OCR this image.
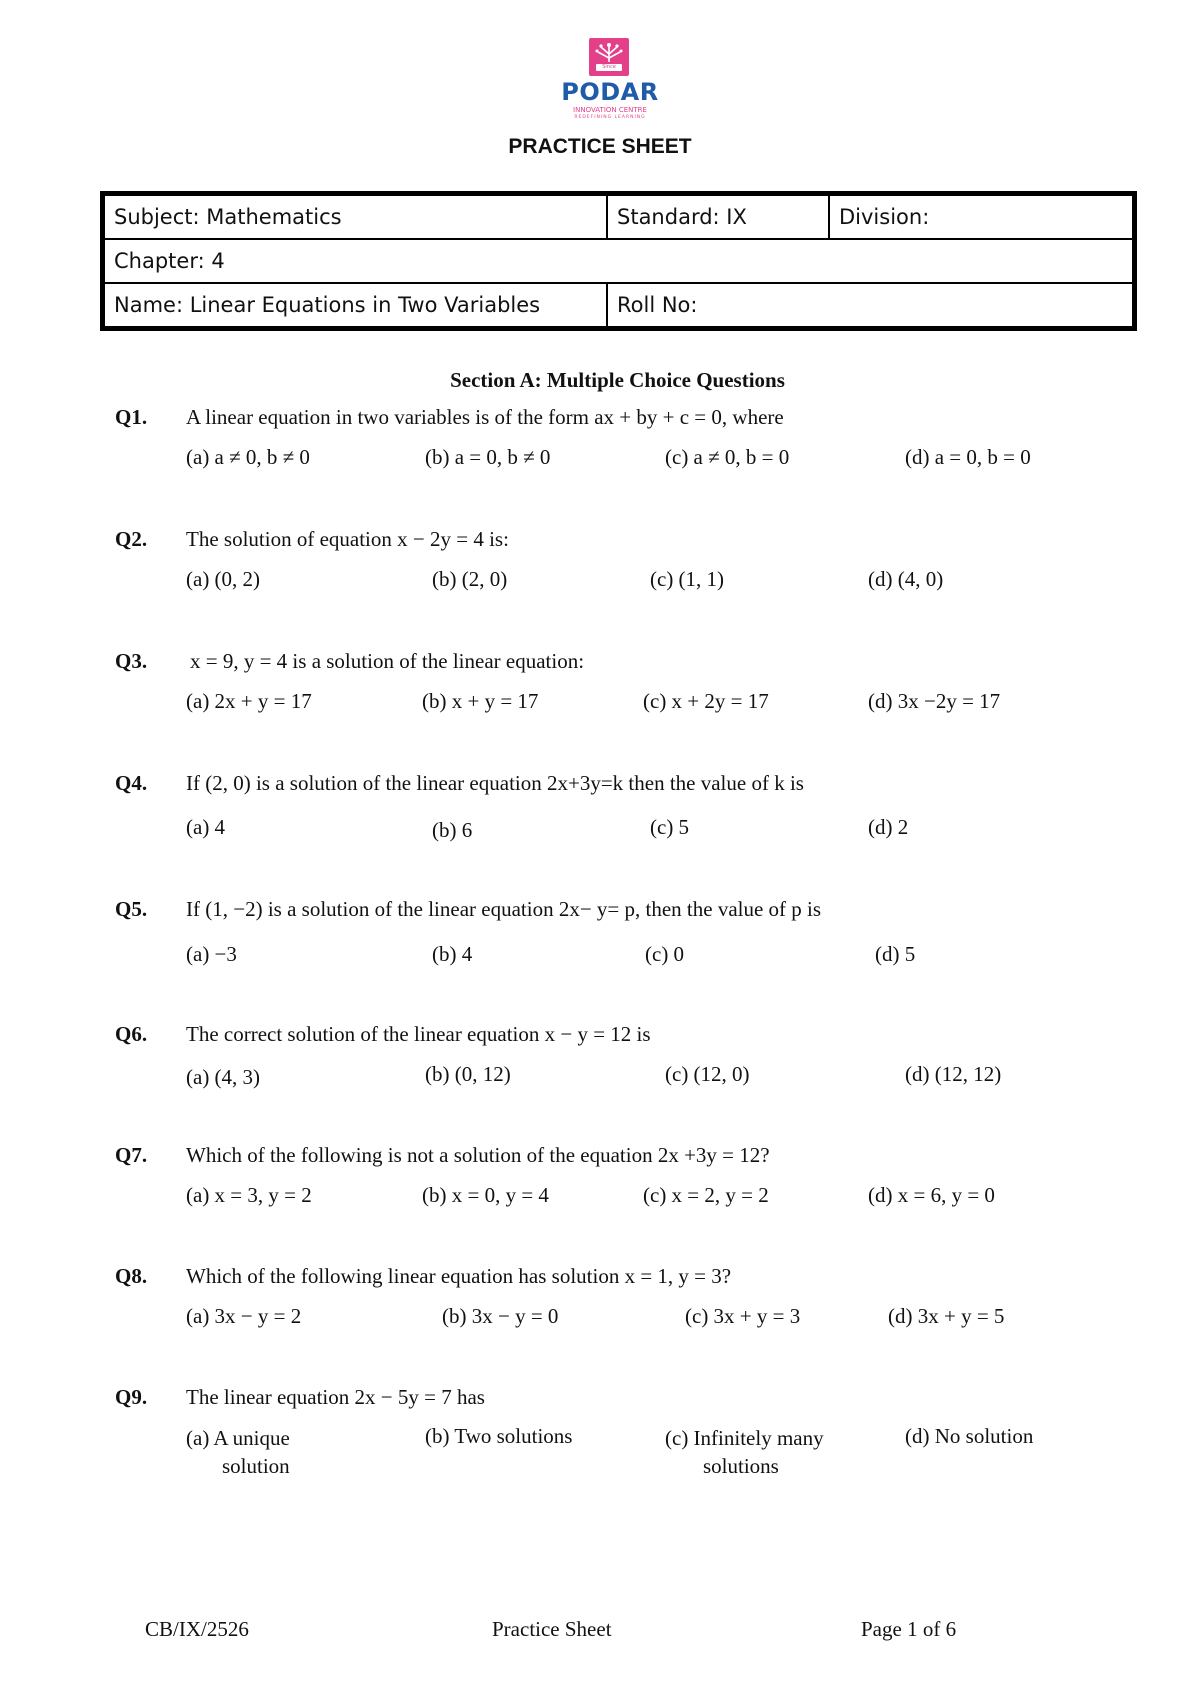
Since 1927
PODAR
INNOVATION CENTRE
REDEFINING LEARNING
PRACTICE SHEET
Subject: Mathematics	Standard: IX	Division:
Chapter: 4		
Name: Linear Equations in Two Variables	Roll No:	
Section A: Multiple Choice Questions
Q1. A linear equation in two variables is of the form ax + by + c = 0, where
(a) a ≠ 0, b ≠ 0	(b) a = 0, b ≠ 0	(c) a ≠ 0, b = 0	(d) a = 0, b = 0
Q2. The solution of equation x − 2y = 4 is:
(a) (0, 2)	(b) (2, 0)	(c) (1, 1)	(d) (4, 0)
Q3. x = 9, y = 4 is a solution of the linear equation:
(a) 2x + y = 17	(b) x + y = 17	(c) x + 2y = 17	(d) 3x −2y = 17
Q4. If (2, 0) is a solution of the linear equation 2x+3y=k then the value of k is
(a) 4	(b) 6	(c) 5	(d) 2
Q5. If (1, −2) is a solution of the linear equation 2x− y= p, then the value of p is
(a) −3	(b) 4	(c) 0	(d) 5
Q6. The correct solution of the linear equation x − y = 12 is
(a) (4, 3)	(b) (0, 12)	(c) (12, 0)	(d) (12, 12)
Q7. Which of the following is not a solution of the equation 2x +3y = 12?
(a) x = 3, y = 2	(b) x = 0, y = 4	(c) x = 2, y = 2	(d) x = 6, y = 0
Q8. Which of the following linear equation has solution x = 1, y = 3?
(a) 3x − y = 2	(b) 3x − y = 0	(c) 3x + y = 3	(d) 3x + y = 5
Q9. The linear equation 2x − 5y = 7 has
(a) A unique solution
(b) Two solutions	(c) Infinitely many solutions
(d) No solution
CB/IX/2526	Practice Sheet	Page 1 of 6
